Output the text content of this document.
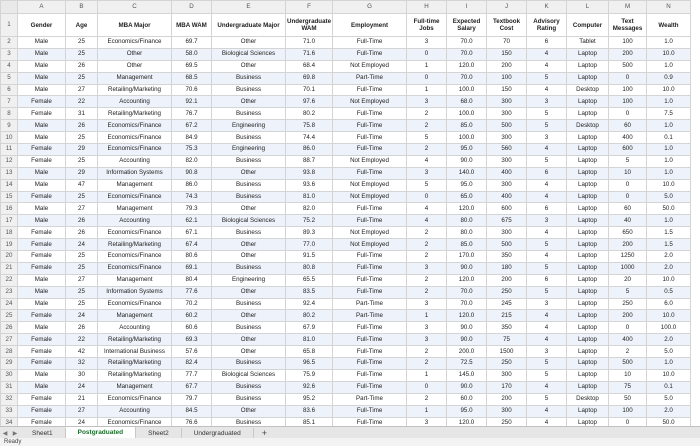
	A	B	C	D	E	F	G	H	I	J	K	L	M	N
1	Gender	Age	MBA Major	MBA WAM	Undergraduate Major	Undergraduate WAM	Employment	Full-time Jobs	Expected Salary	Textbook Cost	Advisory Rating	Computer	Text Messages	Wealth
2	Male	25	Economics/Finance	69.7	Other	71.0	Full-Time	3	70.0	70	6	Tablet	100	1.0
3	Male	25	Other	58.0	Biological Sciences	71.6	Full-Time	0	70.0	150	4	Laptop	200	10.0
4	Male	26	Other	69.5	Other	68.4	Not Employed	1	120.0	200	4	Laptop	500	1.0
5	Male	25	Management	68.5	Business	69.8	Part-Time	0	70.0	100	5	Laptop	0	0.9
6	Male	27	Retailing/Marketing	70.6	Business	70.1	Full-Time	1	100.0	150	4	Desktop	100	10.0
7	Female	22	Accounting	92.1	Other	97.6	Not Employed	3	68.0	300	3	Laptop	100	1.0
8	Female	31	Retailing/Marketing	76.7	Business	80.2	Full-Time	2	100.0	300	5	Laptop	0	7.5
9	Male	26	Economics/Finance	67.2	Engineering	75.8	Full-Time	2	85.0	500	5	Desktop	60	1.0
10	Male	25	Economics/Finance	84.9	Business	74.4	Full-Time	5	100.0	300	3	Laptop	400	0.1
11	Female	29	Economics/Finance	75.3	Engineering	86.0	Full-Time	2	95.0	560	4	Laptop	600	1.0
12	Female	25	Accounting	82.0	Business	88.7	Not Employed	4	90.0	300	5	Laptop	5	1.0
13	Male	29	Information Systems	90.8	Other	93.8	Full-Time	3	140.0	400	6	Laptop	10	1.0
14	Male	47	Management	86.0	Business	93.6	Not Employed	5	95.0	300	4	Laptop	0	10.0
15	Female	25	Economics/Finance	74.3	Business	81.0	Not Employed	0	65.0	400	4	Laptop	0	5.0
16	Male	27	Management	79.3	Other	82.0	Full-Time	4	120.0	600	6	Laptop	60	50.0
17	Male	26	Accounting	62.1	Biological Sciences	75.2	Full-Time	4	80.0	675	3	Laptop	40	1.0
18	Female	26	Economics/Finance	67.1	Business	89.3	Not Employed	2	80.0	300	4	Laptop	650	1.5
19	Female	24	Retailing/Marketing	67.4	Other	77.0	Not Employed	2	85.0	500	5	Laptop	200	1.5
20	Female	25	Economics/Finance	80.6	Other	91.5	Full-Time	2	170.0	350	4	Laptop	1250	2.0
21	Female	25	Economics/Finance	69.1	Business	80.8	Full-Time	3	90.0	180	5	Laptop	1000	2.0
22	Male	27	Management	80.4	Engineering	65.5	Full-Time	2	120.0	200	6	Laptop	20	10.0
23	Male	25	Information Systems	77.6	Other	83.5	Full-Time	2	70.0	250	5	Laptop	5	0.5
24	Male	25	Economics/Finance	70.2	Business	92.4	Part-Time	3	70.0	245	3	Laptop	250	6.0
25	Female	24	Management	60.2	Other	80.2	Part-Time	1	120.0	215	4	Laptop	200	10.0
26	Male	26	Accounting	60.6	Business	67.9	Full-Time	3	90.0	350	4	Laptop	0	100.0
27	Female	22	Retailing/Marketing	69.3	Other	81.0	Full-Time	3	90.0	75	4	Laptop	400	2.0
28	Female	42	International Business	57.6	Other	65.8	Full-Time	2	200.0	1500	3	Laptop	2	5.0
29	Female	32	Retailing/Marketing	82.4	Business	96.5	Full-Time	2	72.5	250	5	Laptop	500	1.0
30	Male	30	Retailing/Marketing	77.7	Biological Sciences	75.9	Full-Time	1	145.0	300	5	Laptop	10	10.0
31	Male	24	Management	67.7	Business	92.6	Full-Time	0	90.0	170	4	Laptop	75	0.1
32	Female	21	Economics/Finance	79.7	Business	95.2	Part-Time	2	60.0	200	5	Desktop	50	5.0
33	Female	27	Accounting	84.5	Other	83.6	Full-Time	1	95.0	300	4	Laptop	100	2.0
34	Female	24	Economics/Finance	76.6	Business	85.1	Full-Time	3	120.0	250	4	Laptop	0	50.0

◀ ▶	Sheet1	Postgraduated	Sheet2	Undergraduated	+
Ready
